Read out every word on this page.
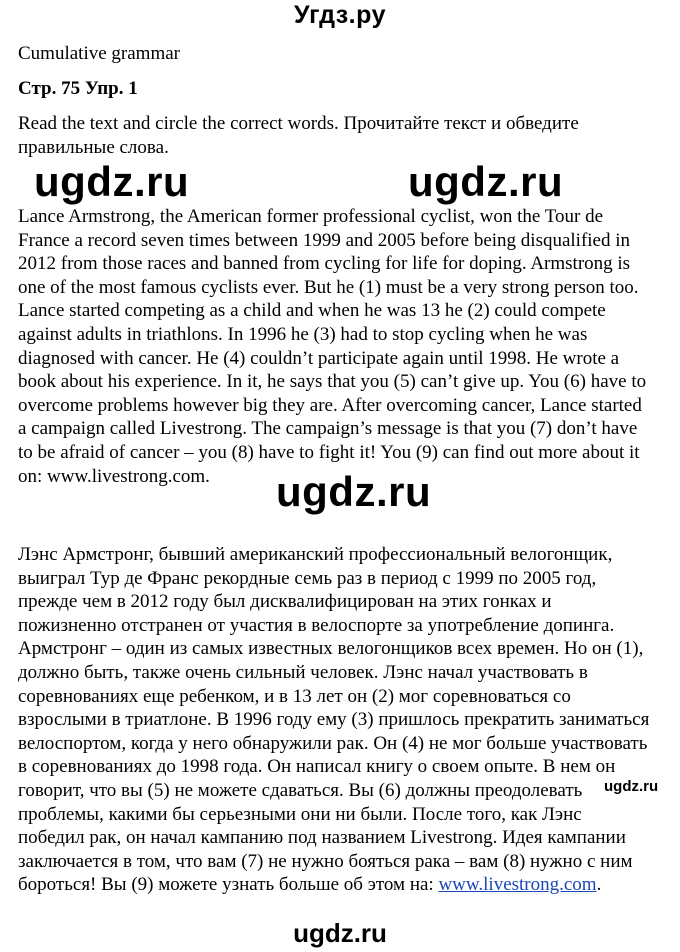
Угдз.ру
Cumulative grammar
Стр. 75 Упр. 1
Read the text and circle the correct words. Прочитайте текст и обведите
правильные слова.
ugdz.ru	ugdz.ru
Lance Armstrong, the American former professional cyclist, won the Tour de
France a record seven times between 1999 and 2005 before being disqualified in
2012 from those races and banned from cycling for life for doping. Armstrong is
one of the most famous cyclists ever. But he (1) must be a very strong person too.
Lance started competing as a child and when he was 13 he (2) could compete
against adults in triathlons. In 1996 he (3) had to stop cycling when he was
diagnosed with cancer. He (4) couldn’t participate again until 1998. He wrote a
book about his experience. In it, he says that you (5) can’t give up. You (6) have to
overcome problems however big they are. After overcoming cancer, Lance started
a campaign called Livestrong. The campaign’s message is that you (7) don’t have
to be afraid of cancer – you (8) have to fight it! You (9) can find out more about it
on: www.livestrong.com.	ugdz.ru
Лэнс Армстронг, бывший американский профессиональный велогонщик,
выиграл Тур де Франс рекордные семь раз в период с 1999 по 2005 год,
прежде чем в 2012 году был дисквалифицирован на этих гонках и
пожизненно отстранен от участия в велоспорте за употребление допинга.
Армстронг – один из самых известных велогонщиков всех времен. Но он (1),
должно быть, также очень сильный человек. Лэнс начал участвовать в
соревнованиях еще ребенком, и в 13 лет он (2) мог соревноваться со
взрослыми в триатлоне. В 1996 году ему (3) пришлось прекратить заниматься
велоспортом, когда у него обнаружили рак. Он (4) не мог больше участвовать
в соревнованиях до 1998 года. Он написал книгу о своем опыте. В нем он
говорит, что вы (5) не можете сдаваться. Вы (6) должны преодолевать
проблемы, какими бы серьезными они ни были. После того, как Лэнс
победил рак, он начал кампанию под названием Livestrong. Идея кампании
заключается в том, что вам (7) не нужно бояться рака – вам (8) нужно с ним
бороться! Вы (9) можете узнать больше об этом на: www.livestrong.com.
ugdz.ru
ugdz.ru
